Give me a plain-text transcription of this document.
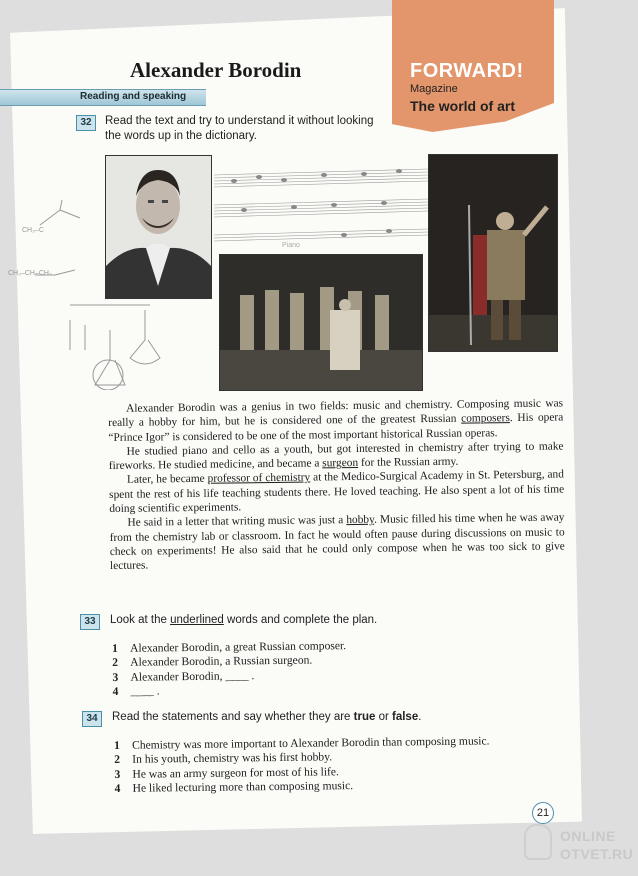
FORWARD!
Magazine
The world of art
Alexander Borodin
Reading and speaking
32	Read the text and try to understand it without looking the words up in the dictionary.
Piano
CH₃–C
CH₃–CH–CH₂

Alexander Borodin was a genius in two fields: music and chemistry. Composing music was really a hobby for him, but he is considered one of the greatest Russian composers. His opera “Prince Igor” is considered to be one of the most important historical Russian operas.

He studied piano and cello as a youth, but got interested in chemistry after trying to make fireworks. He studied medicine, and became a surgeon for the Russian army.

Later, he became professor of chemistry at the Medico-Surgical Academy in St. Petersburg, and spent the rest of his life teaching students there. He loved teaching. He also spent a lot of his time doing scientific experiments.

He said in a letter that writing music was just a hobby. Music filled his time when he was away from the chemistry lab or classroom. In fact he would often pause during discussions on music to check on experiments! He also said that he could only compose when he was too sick to give lectures.

33	Look at the underlined words and complete the plan.
1 Alexander Borodin, a great Russian composer.
2 Alexander Borodin, a Russian surgeon.
3 Alexander Borodin, ____ .
4 ____ .
34	Read the statements and say whether they are true or false.
1 Chemistry was more important to Alexander Borodin than composing music.
2 In his youth, chemistry was his first hobby.
3 He was an army surgeon for most of his life.
4 He liked lecturing more than composing music.
21
ONLINE
OTVET.RU
